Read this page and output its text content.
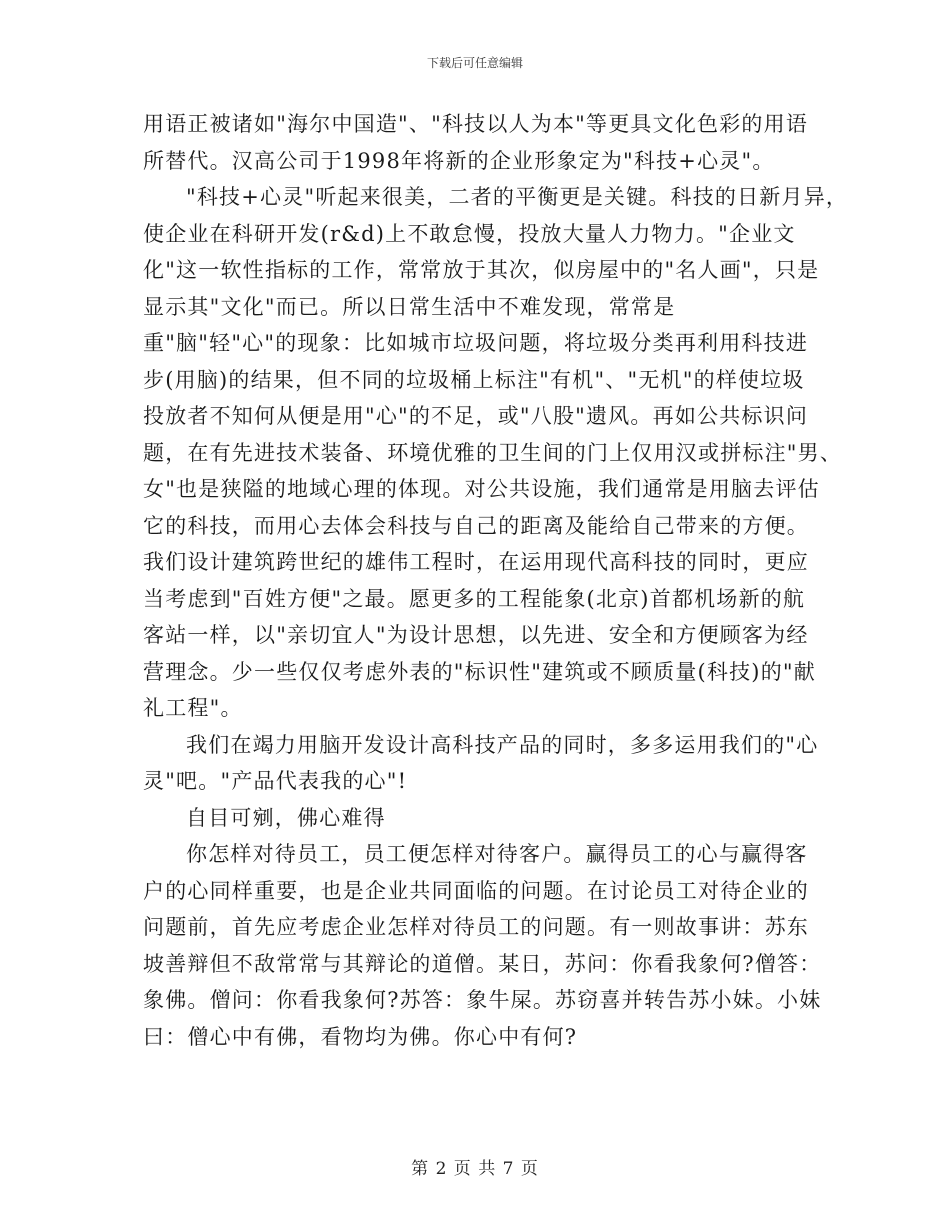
下载后可任意编辑
用语正被诸如"海尔中国造"、"科技以人为本"等更具文化色彩的用语
所替代。汉高公司于1998年将新的企业形象定为"科技+心灵"。
"科技+心灵"听起来很美，二者的平衡更是关键。科技的日新月异，
使企业在科研开发(r&d)上不敢怠慢，投放大量人力物力。"企业文
化"这一软性指标的工作，常常放于其次，似房屋中的"名人画"，只是
显示其"文化"而已。所以日常生活中不难发现，常常是
重"脑"轻"心"的现象：比如城市垃圾问题，将垃圾分类再利用科技进
步(用脑)的结果，但不同的垃圾桶上标注"有机"、"无机"的样使垃圾
投放者不知何从便是用"心"的不足，或"八股"遗风。再如公共标识问
题，在有先进技术装备、环境优雅的卫生间的门上仅用汉或拼标注"男、
女"也是狭隘的地域心理的体现。对公共设施，我们通常是用脑去评估
它的科技，而用心去体会科技与自己的距离及能给自己带来的方便。
我们设计建筑跨世纪的雄伟工程时，在运用现代高科技的同时，更应
当考虑到"百姓方便"之最。愿更多的工程能象(北京)首都机场新的航
客站一样，以"亲切宜人"为设计思想，以先进、安全和方便顾客为经
营理念。少一些仅仅考虑外表的"标识性"建筑或不顾质量(科技)的"献
礼工程"。
我们在竭力用脑开发设计高科技产品的同时，多多运用我们的"心
灵"吧。"产品代表我的心"!
自目可剜，佛心难得
你怎样对待员工，员工便怎样对待客户。赢得员工的心与赢得客
户的心同样重要，也是企业共同面临的问题。在讨论员工对待企业的
问题前，首先应考虑企业怎样对待员工的问题。有一则故事讲：苏东
坡善辩但不敌常常与其辩论的道僧。某日，苏问：你看我象何?僧答：
象佛。僧问：你看我象何?苏答：象牛屎。苏窃喜并转告苏小妹。小妹
曰：僧心中有佛，看物均为佛。你心中有何?
第 2 页 共 7 页
